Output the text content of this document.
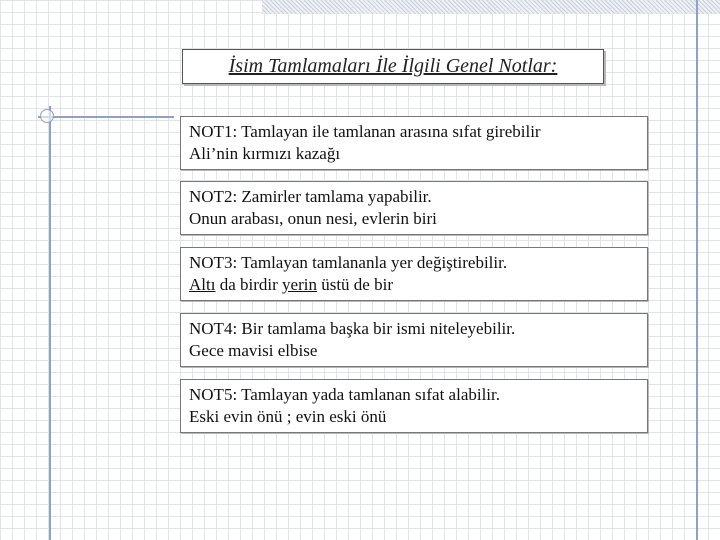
İsim Tamlamaları İle İlgili Genel Notlar:
NOT1: Tamlayan ile tamlanan arasına sıfat girebilir
Ali’nin kırmızı kazağı
NOT2: Zamirler tamlama yapabilir.
Onun arabası, onun nesi, evlerin biri
NOT3: Tamlayan tamlananla yer değiştirebilir.
Altı da birdir yerin üstü de bir
NOT4: Bir tamlama başka bir ismi niteleyebilir.
Gece mavisi elbise
NOT5: Tamlayan yada tamlanan sıfat alabilir.
Eski evin önü ; evin eski önü
